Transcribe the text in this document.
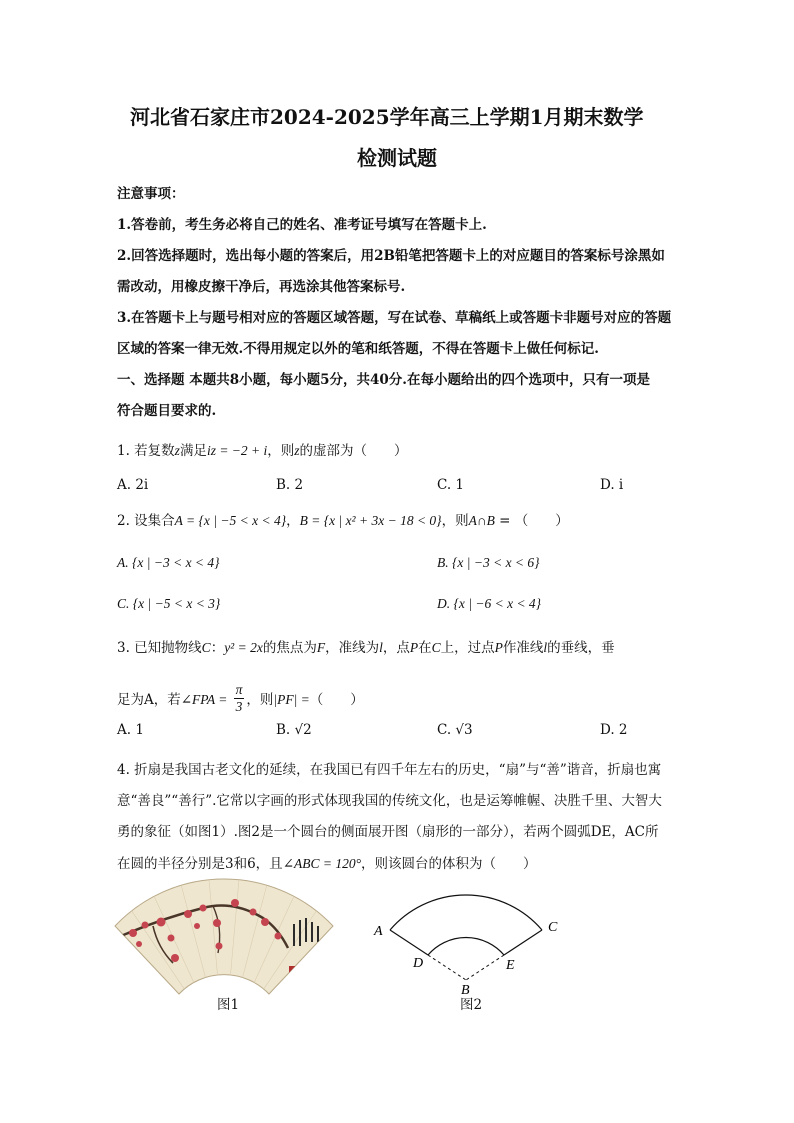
河北省石家庄市2024-2025学年高三上学期1月期末数学
检测试题
注意事项：
1.答卷前，考生务必将自己的姓名、准考证号填写在答题卡上.
2.回答选择题时，选出每小题的答案后，用2B铅笔把答题卡上的对应题目的答案标号涂黑如
需改动，用橡皮擦干净后，再选涂其他答案标号.
3.在答题卡上与题号相对应的答题区域答题，写在试卷、草稿纸上或答题卡非题号对应的答题
区域的答案一律无效.不得用规定以外的笔和纸答题，不得在答题卡上做任何标记.
一、选择题 本题共8小题，每小题5分，共40分.在每小题给出的四个选项中，只有一项是
符合题目要求的.
1. 若复数z满足iz = −2 + i，则z的虚部为（　　）
A. 2i	B. 2	C. 1	D. i
2. 设集合A = {x | −5 < x < 4}，B = {x | x² + 3x − 18 < 0}，则A∩B = （　　）
A. {x | −3 < x < 4}	B. {x | −3 < x < 6}
C. {x | −5 < x < 3}	D. {x | −6 < x < 4}
3. 已知抛物线C：y² = 2x的焦点为F，准线为l，点P在C上，过点P作准线l的垂线，垂
足为A，若∠FPA = $\frac{\pi}{3}$ ，则|PF| =（　　）
A. 1	B. √2	C. √3	D. 2
4. 折扇是我国古老文化的延续，在我国已有四千年左右的历史，“扇”与“善”谐音，折扇也寓
意“善良”“善行”.它常以字画的形式体现我国的传统文化，也是运筹帷幄、决胜千里、大智大
勇的象征（如图1）.图2是一个圆台的侧面展开图（扇形的一部分），若两个圆弧DE，AC所
在圆的半径分别是3和6，且∠ABC = 120°，则该圆台的体积为（　　）
A	C
D	E
B
图1	图2
